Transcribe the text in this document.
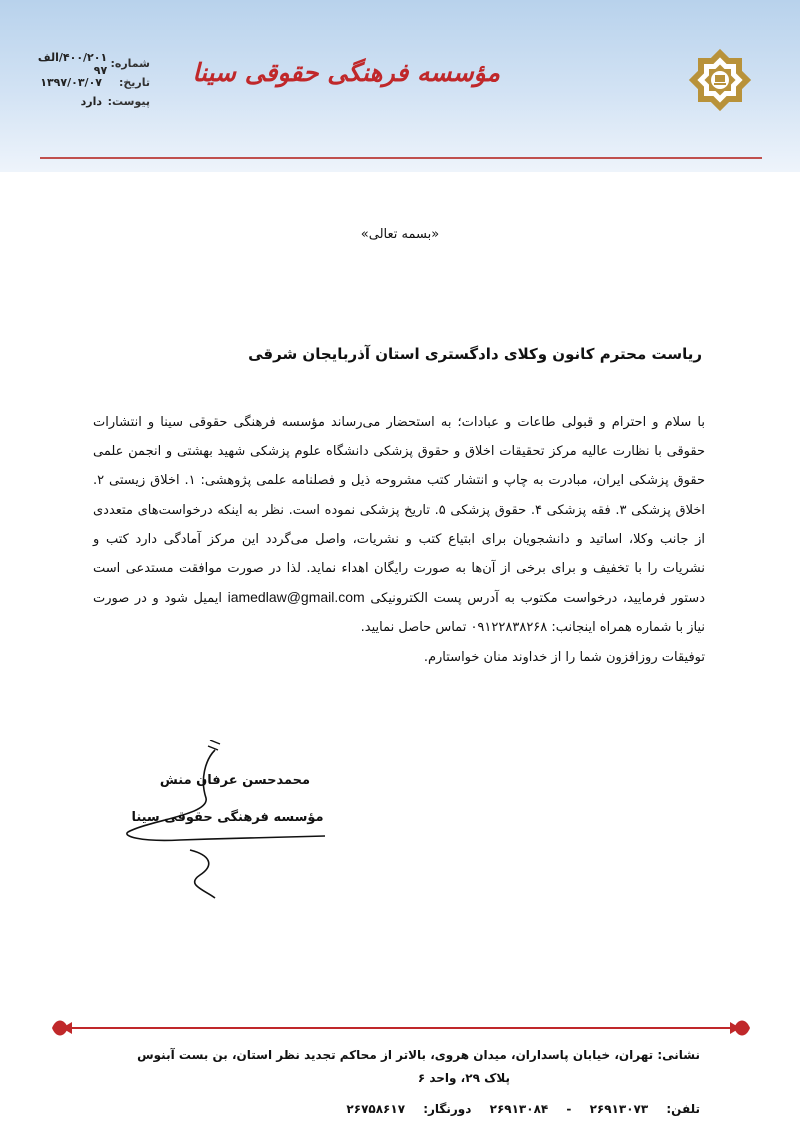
شماره:
۴۰۰/۲۰۱/الف ۹۷
تاریخ:
۱۳۹۷/۰۳/۰۷
پیوست:
دارد
مؤسسه فرهنگی حقوقی سینا
«بسمه تعالی»
ریاست محترم کانون وکلای دادگستری استان آذربایجان شرقی

با سلام و احترام و قبولی طاعات و عبادات؛ به استحضار می‌رساند مؤسسه فرهنگی حقوقی سینا و انتشارات حقوقی با نظارت عالیه مرکز تحقیقات اخلاق و حقوق پزشکی دانشگاه علوم پزشکی شهید بهشتی و انجمن علمی حقوق پزشکی ایران، مبادرت به چاپ و انتشار کتب مشروحه ذیل و فصلنامه علمی پژوهشی: ۱. اخلاق زیستی ۲. اخلاق پزشکی ۳. فقه پزشکی ۴. حقوق پزشکی ۵. تاریخ پزشکی نموده است. نظر به اینکه درخواست‌های متعددی از جانب وکلا، اساتید و دانشجویان برای ابتیاع کتب و نشریات، واصل می‌گردد این مرکز آمادگی دارد کتب و نشریات را با تخفیف و برای برخی از آن‌ها به صورت رایگان اهداء نماید. لذا در صورت موافقت مستدعی است دستور فرمایید، درخواست مکتوب به آدرس پست الکترونیکی iamedlaw@gmail.com ایمیل شود و در صورت نیاز با شماره همراه اینجانب: ۰۹۱۲۲۸۳۸۲۶۸ تماس حاصل نمایید.

توفیقات روزافزون شما را از خداوند منان خواستارم.

محمدحسن عرفان منش
مؤسسه فرهنگی حقوقی سینا
نشانی: تهران، خیابان پاسداران، میدان هروی، بالاتر از محاکم تجدید نظر استان، بن بست آبنوس
پلاک ۲۹، واحد ۶
تلفن: ۲۶۹۱۳۰۷۳ - ۲۶۹۱۳۰۸۴ دورنگار: ۲۶۷۵۸۶۱۷
